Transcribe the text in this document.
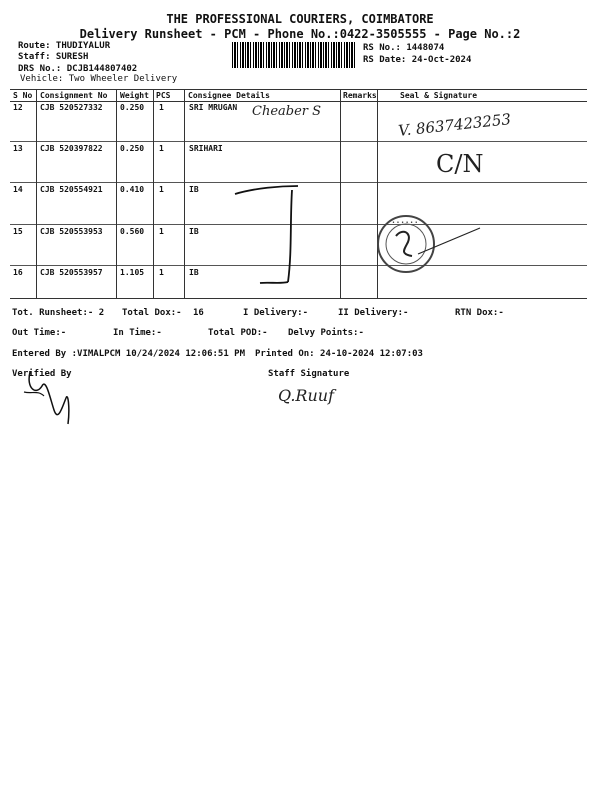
THE PROFESSIONAL COURIERS, COIMBATORE
Delivery Runsheet - PCM - Phone No.:0422-3505555 - Page No.:2
Route: THUDIYALUR
Staff: SURESH
DRS No.: DCJB144807402
Vehicle: Two Wheeler Delivery
RS No.: 1448074
RS Date: 24-Oct-2024
S No Consignment No Weight PCS Consignee Details	Remarks	Seal & Signature
12 CJB 520527332 0.250 1	SRI MRUGAN
13 CJB 520397822 0.250 1	SRIHARI
14 CJB 520554921 0.410 1	IB
15 CJB 520553953 0.560 1	IB
16 CJB 520553957 1.105 1	IB
Cheaber S	V. 8637423253
C/N
• • • • • •
Tot. Runsheet:- 2 Total Dox:- 16	I Delivery:-	II Delivery:-	RTN Dox:-
Out Time:-	In Time:-	Total POD:- Delvy Points:-
Entered By :VIMALPCM 10/24/2024 12:06:51 PM Printed On: 24-10-2024 12:07:03
Verified By	Staff Signature
Q.Ruuf
